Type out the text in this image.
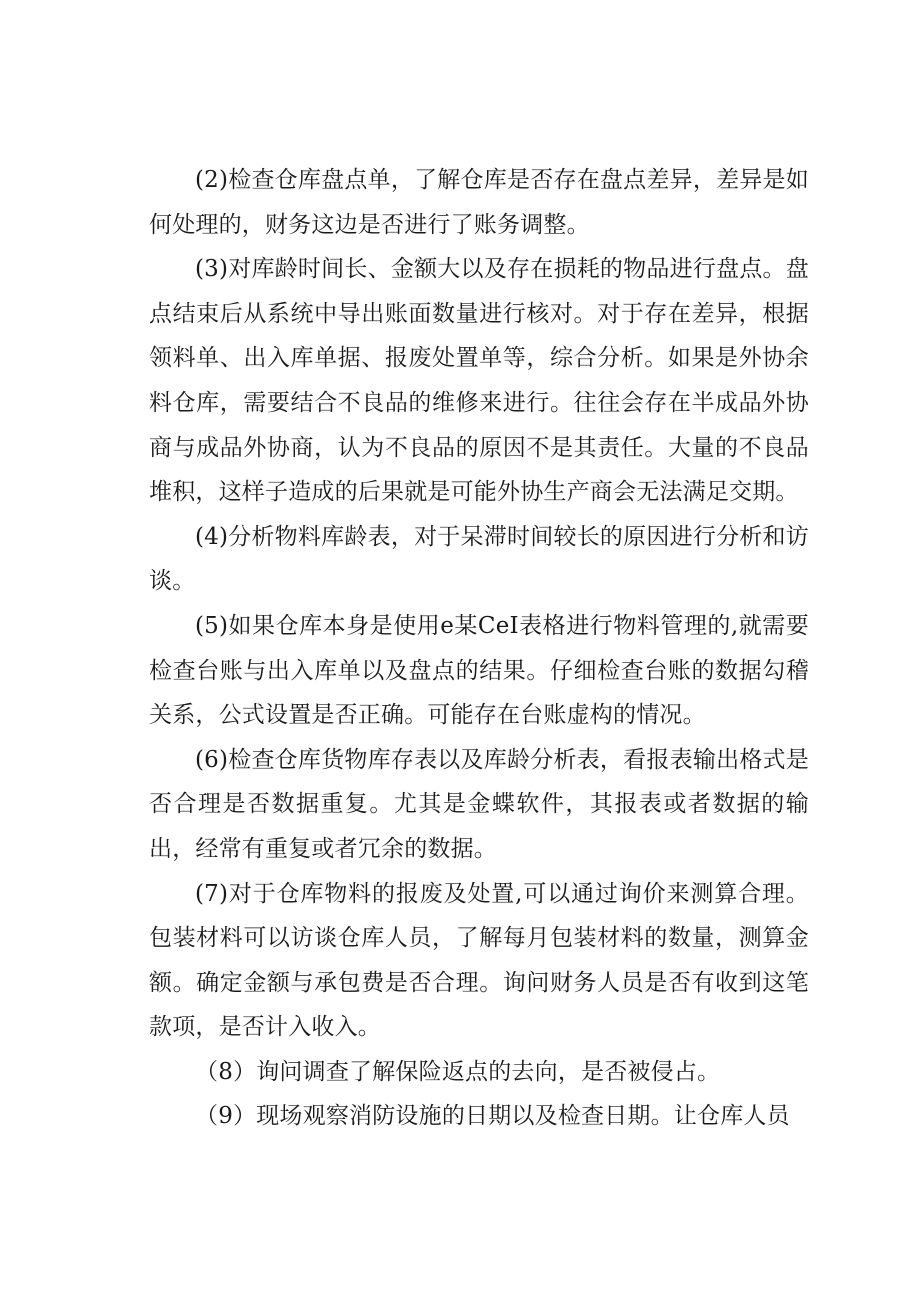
(2)检查仓库盘点单，了解仓库是否存在盘点差异，差异是如何处理的，财务这边是否进行了账务调整。

(3)对库龄时间长、金额大以及存在损耗的物品进行盘点。盘点结束后从系统中导出账面数量进行核对。对于存在差异，根据领料单、出入库单据、报废处置单等，综合分析。如果是外协余料仓库，需要结合不良品的维修来进行。往往会存在半成品外协商与成品外协商，认为不良品的原因不是其责任。大量的不良品堆积，这样子造成的后果就是可能外协生产商会无法满足交期。

(4)分析物料库龄表，对于呆滞时间较长的原因进行分析和访谈。

(5)如果仓库本身是使用e某CeI表格进行物料管理的,就需要检查台账与出入库单以及盘点的结果。仔细检查台账的数据勾稽关系，公式设置是否正确。可能存在台账虚构的情况。

(6)检查仓库货物库存表以及库龄分析表，看报表输出格式是否合理是否数据重复。尤其是金蝶软件，其报表或者数据的输出，经常有重复或者冗余的数据。

(7)对于仓库物料的报废及处置,可以通过询价来测算合理。包装材料可以访谈仓库人员，了解每月包装材料的数量，测算金额。确定金额与承包费是否合理。询问财务人员是否有收到这笔款项，是否计入收入。

（8）询问调查了解保险返点的去向，是否被侵占。

（9）现场观察消防设施的日期以及检查日期。让仓库人员
